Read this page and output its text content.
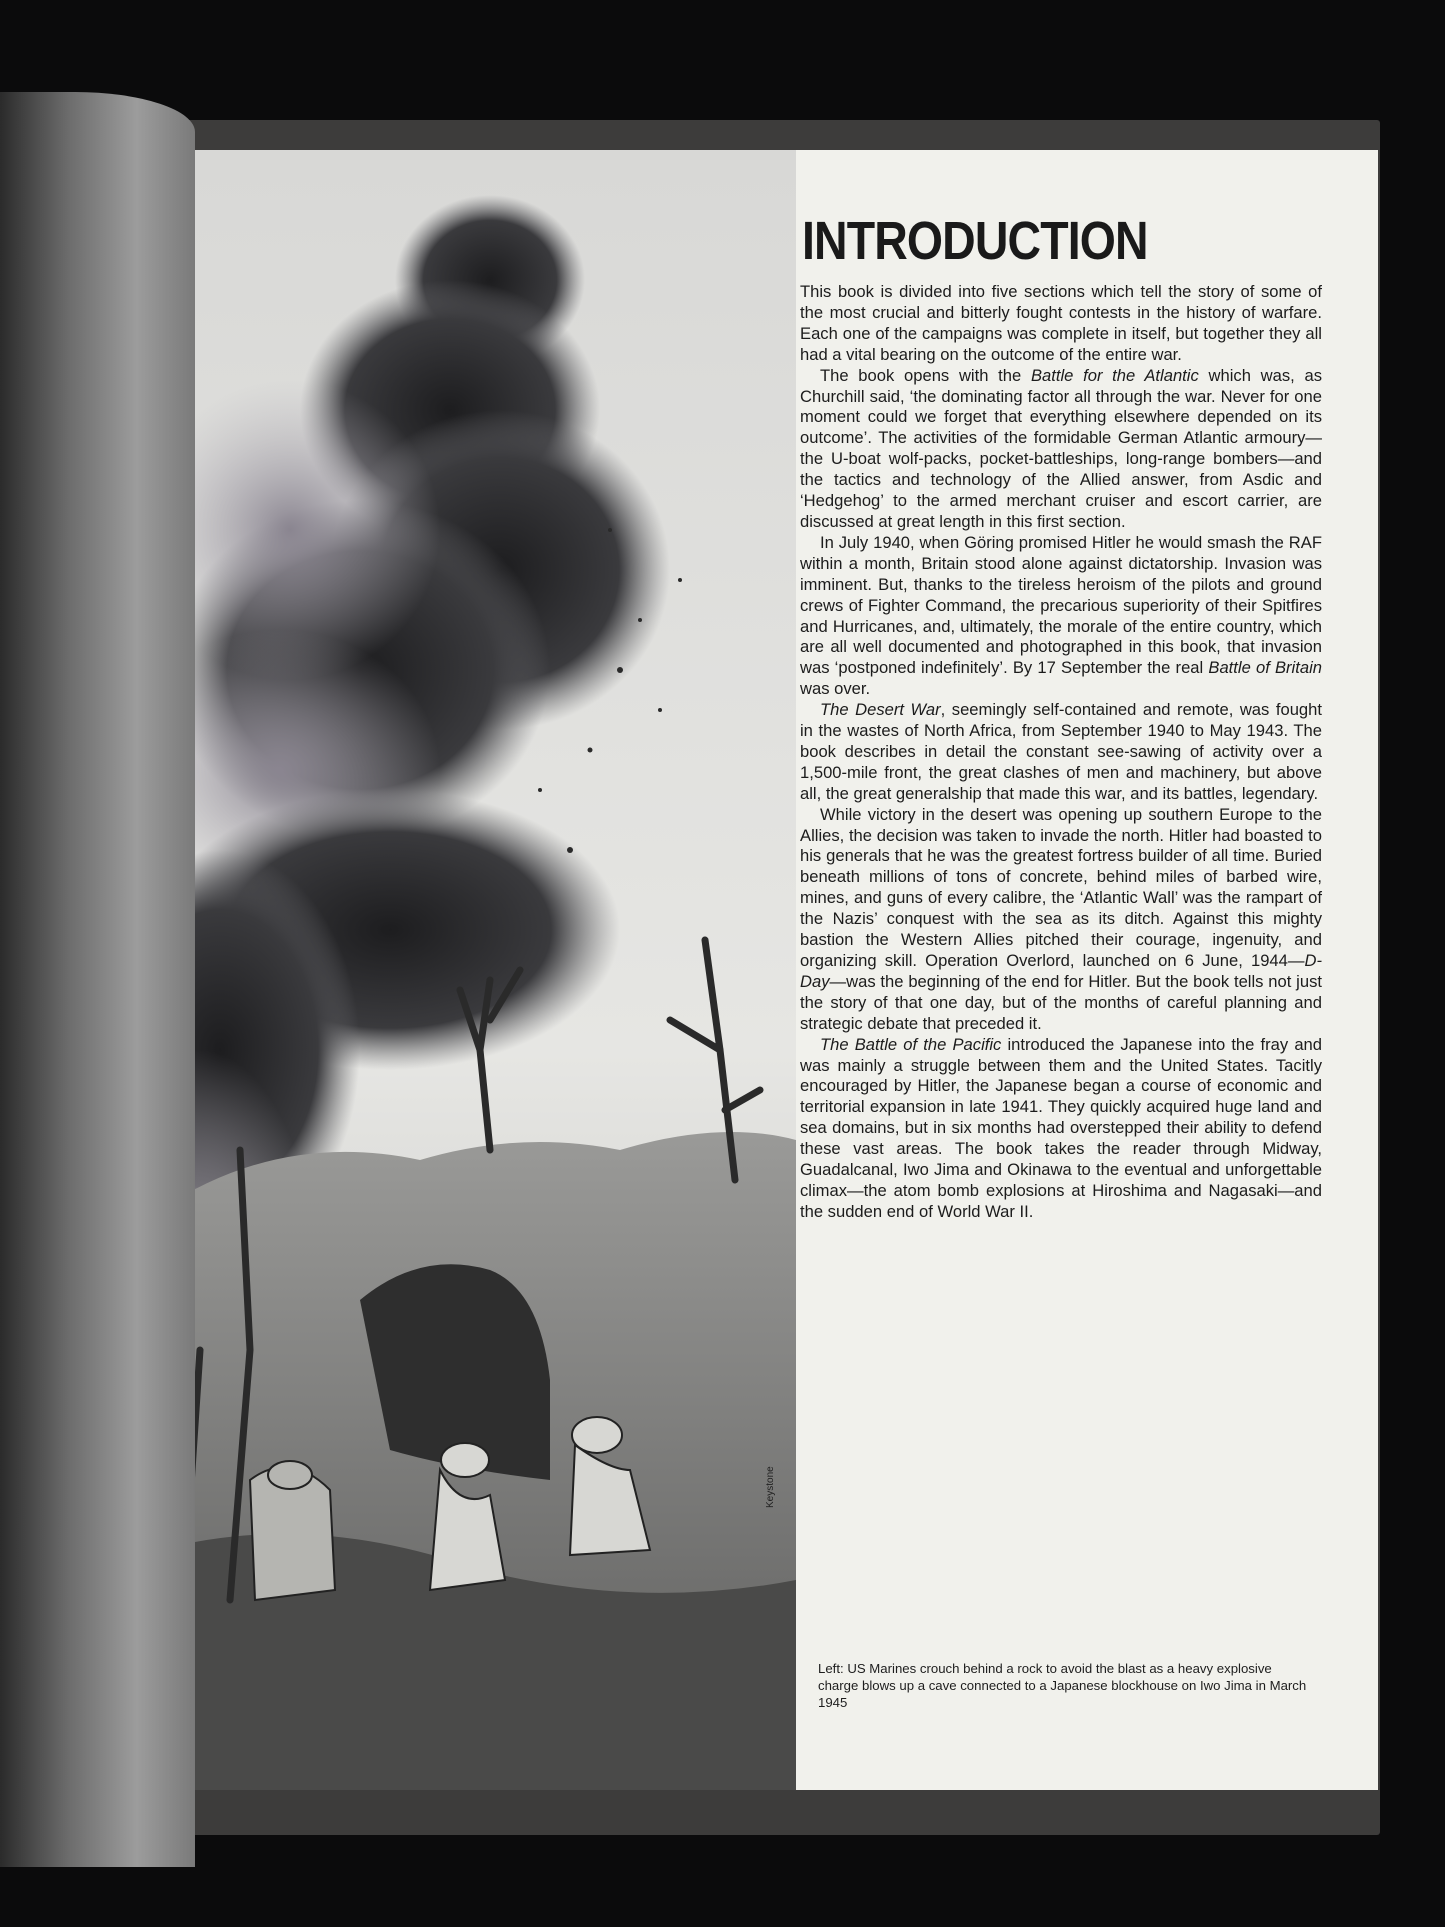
Keystone
INTRODUCTION

This book is divided into five sections which tell the story of some of the most crucial and bitterly fought contests in the history of warfare. Each one of the campaigns was complete in itself, but together they all had a vital bearing on the outcome of the entire war.

The book opens with the Battle for the Atlantic which was, as Churchill said, ‘the dominating factor all through the war. Never for one moment could we forget that everything elsewhere depended on its outcome’. The activities of the formidable German Atlantic armoury—the U-boat wolf-packs, pocket-battleships, long-range bombers—and the tactics and technology of the Allied answer, from Asdic and ‘Hedgehog’ to the armed merchant cruiser and escort carrier, are discussed at great length in this first section.

In July 1940, when Göring promised Hitler he would smash the RAF within a month, Britain stood alone against dictatorship. Invasion was imminent. But, thanks to the tireless heroism of the pilots and ground crews of Fighter Command, the precarious superiority of their Spitfires and Hurricanes, and, ultimately, the morale of the entire country, which are all well documented and photographed in this book, that invasion was ‘postponed indefinitely’. By 17 September the real Battle of Britain was over.

The Desert War, seemingly self-contained and remote, was fought in the wastes of North Africa, from September 1940 to May 1943. The book describes in detail the constant see-sawing of activity over a 1,500-mile front, the great clashes of men and machinery, but above all, the great generalship that made this war, and its battles, legendary.

While victory in the desert was opening up southern Europe to the Allies, the decision was taken to invade the north. Hitler had boasted to his generals that he was the greatest fortress builder of all time. Buried beneath millions of tons of concrete, behind miles of barbed wire, mines, and guns of every calibre, the ‘Atlantic Wall’ was the rampart of the Nazis’ conquest with the sea as its ditch. Against this mighty bastion the Western Allies pitched their courage, ingenuity, and organizing skill. Operation Overlord, launched on 6 June, 1944—D-Day—was the beginning of the end for Hitler. But the book tells not just the story of that one day, but of the months of careful planning and strategic debate that preceded it.

The Battle of the Pacific introduced the Japanese into the fray and was mainly a struggle between them and the United States. Tacitly encouraged by Hitler, the Japanese began a course of economic and territorial expansion in late 1941. They quickly acquired huge land and sea domains, but in six months had overstepped their ability to defend these vast areas. The book takes the reader through Midway, Guadalcanal, Iwo Jima and Okinawa to the eventual and unforgettable climax—the atom bomb explosions at Hiroshima and Nagasaki—and the sudden end of World War II.

Left: US Marines crouch behind a rock to avoid the blast as a heavy explosive charge blows up a cave connected to a Japanese blockhouse on Iwo Jima in March 1945
